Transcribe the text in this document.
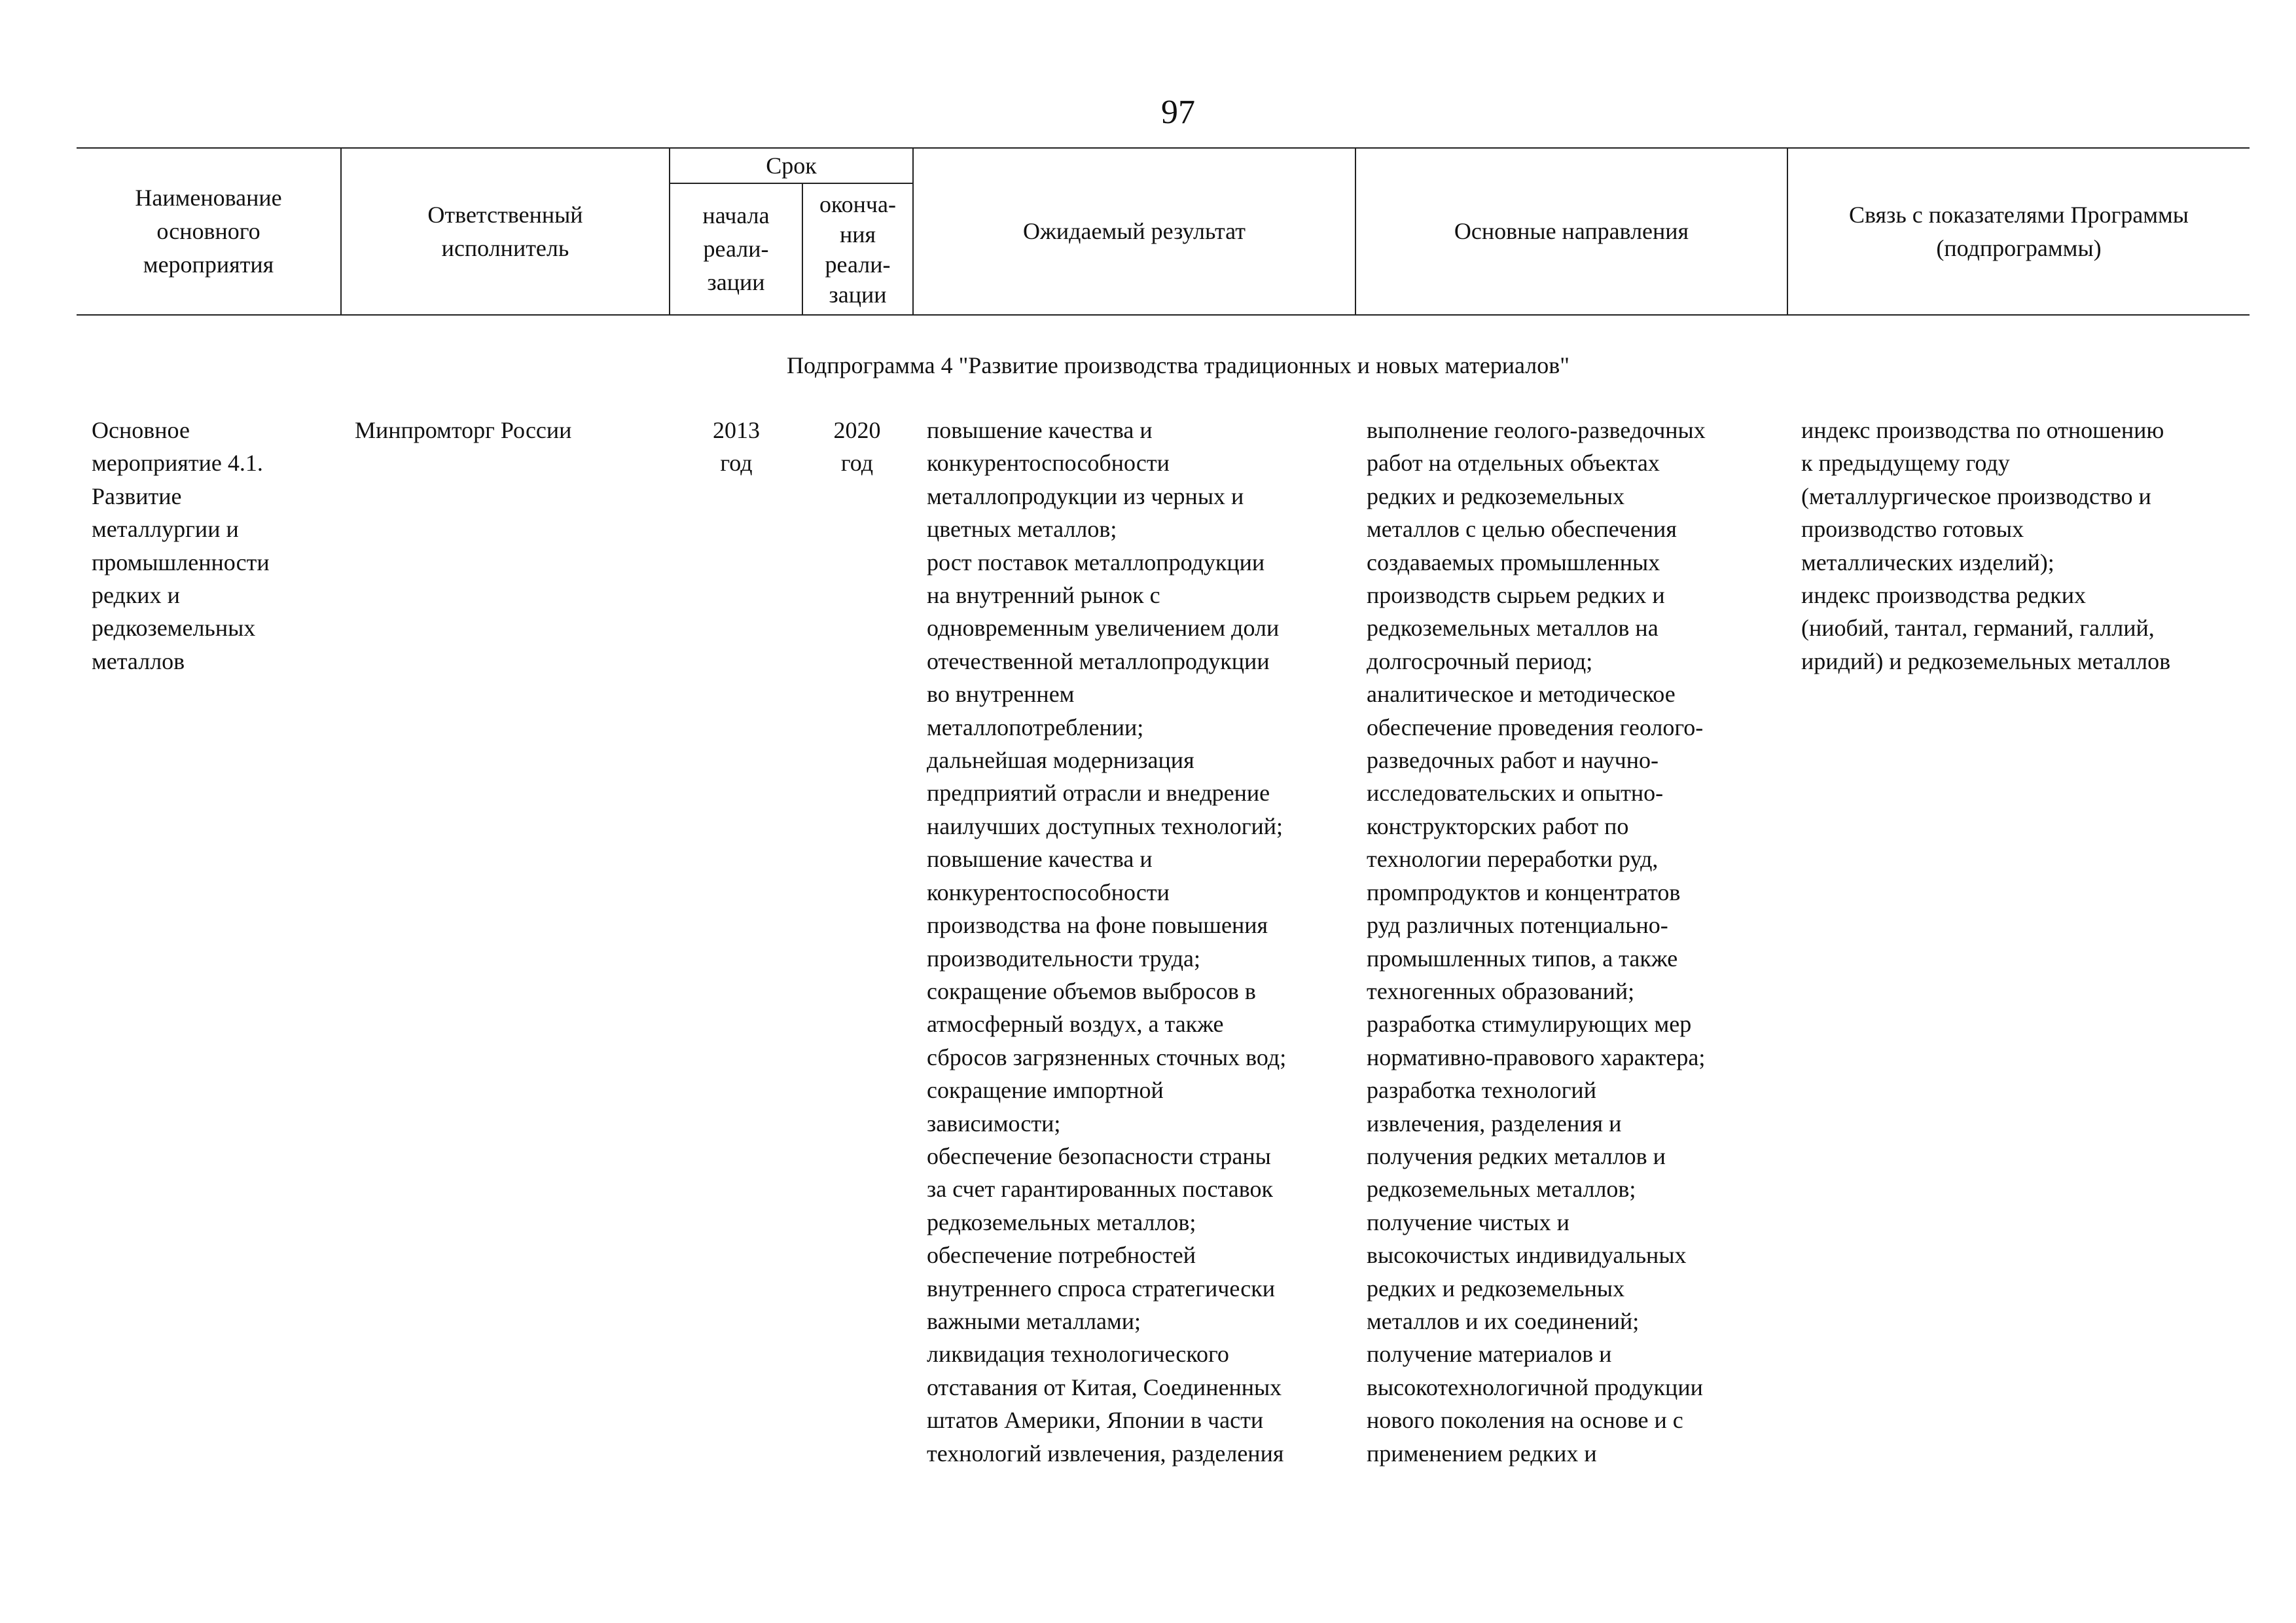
97
Наименование
основного
мероприятия
Ответственный
исполнитель
Срок
начала
реали-
зации
оконча-
ния
реали-
зации
Ожидаемый результат	Основные направления
Связь с показателями Программы
(подпрограммы)
Подпрограмма 4 "Развитие производства традиционных и новых материалов"

Основное

мероприятие 4.1.

Развитие

металлургии и

промышленности

редких и

редкоземельных

металлов

Минпромторг России	2013

год

2020

год

повышение качества и

конкурентоспособности

металлопродукции из черных и

цветных металлов;

рост поставок металлопродукции

на внутренний рынок с

одновременным увеличением доли

отечественной металлопродукции

во внутреннем

металлопотреблении;

дальнейшая модернизация

предприятий отрасли и внедрение

наилучших доступных технологий;

повышение качества и

конкурентоспособности

производства на фоне повышения

производительности труда;

сокращение объемов выбросов в

атмосферный воздух, а также

сбросов загрязненных сточных вод;

сокращение импортной

зависимости;

обеспечение безопасности страны

за счет гарантированных поставок

редкоземельных металлов;

обеспечение потребностей

внутреннего спроса стратегически

важными металлами;

ликвидация технологического

отставания от Китая, Соединенных

штатов Америки, Японии в части

технологий извлечения, разделения

выполнение геолого-разведочных

работ на отдельных объектах

редких и редкоземельных

металлов с целью обеспечения

создаваемых промышленных

производств сырьем редких и

редкоземельных металлов на

долгосрочный период;

аналитическое и методическое

обеспечение проведения геолого-

разведочных работ и научно-

исследовательских и опытно-

конструкторских работ по

технологии переработки руд,

промпродуктов и концентратов

руд различных потенциально-

промышленных типов, а также

техногенных образований;

разработка стимулирующих мер

нормативно-правового характера;

разработка технологий

извлечения, разделения и

получения редких металлов и

редкоземельных металлов;

получение чистых и

высокочистых индивидуальных

редких и редкоземельных

металлов и их соединений;

получение материалов и

высокотехнологичной продукции

нового поколения на основе и с

применением редких и

индекс производства по отношению

к предыдущему году

(металлургическое производство и

производство готовых

металлических изделий);

индекс производства редких

(ниобий, тантал, германий, галлий,

иридий) и редкоземельных металлов
